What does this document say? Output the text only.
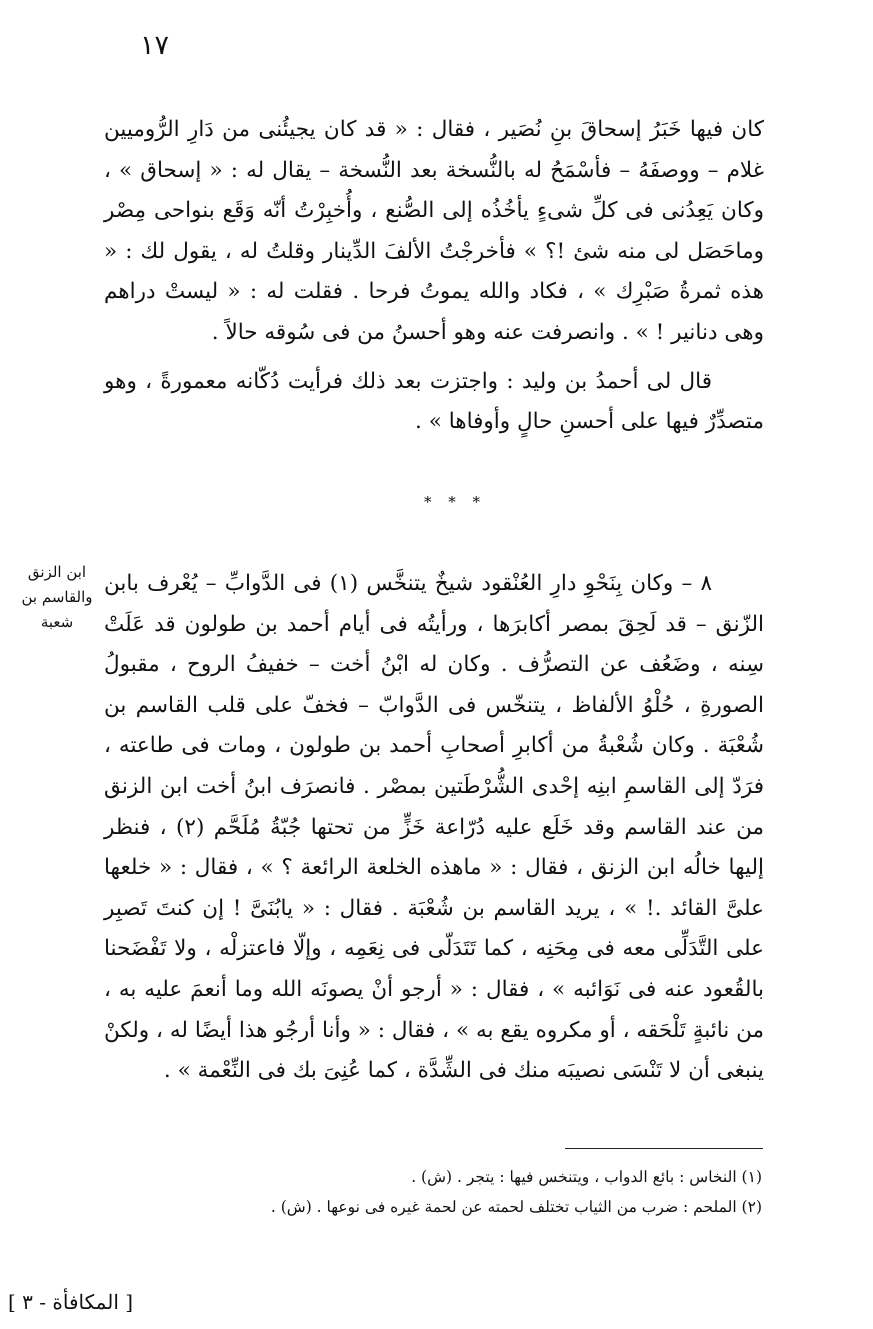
١٧

كان فيها خَبَرُ إسحاقَ بنِ نُصَير ، فقال : « قد كان يجيئُنى من دَارِ الرُّوميين غلام – ووصفَهُ – فأسْمَحُ له بالنُّسخة بعد النُّسخة – يقال له : « إسحاق » ، وكان يَعِدُنى فى كلِّ شىءٍ يأخُذُه إلى الصُّنع ، وأُخبِرْتُ أنّه وَقَع بنواحى مِصْر وماحَصَل لى منه شئ !؟ » فأخرجْتُ الألفَ الدِّينار وقلتُ له ، يقول لك : « هذه ثمرةُ صَبْرِك » ، فكاد والله يموتُ فرحا . فقلت له : « ليستْ دراهم وهى دنانير ! » . وانصرفت عنه وهو أحسنُ من فى سُوقه حالاً .

قال لى أحمدُ بن وليد : واجتزت بعد ذلك فرأيت دُكّانه معمورةً ، وهو متصدِّرٌ فيها على أحسنِ حالٍ وأوفاها » .

* * *
ابن الزنق
والقاسم بن
شعبة

٨ – وكان بِنَحْوِ دارِ العُنْقود شيخٌ يتنخَّس (١) فى الدَّوابِّ – يُعْرف بابن الزّنق – قد لَحِقَ بمصر أكابرَها ، ورأيتُه فى أيام أحمد بن طولون قد عَلَتْ سِنه ، وضَعُف عن التصرُّف . وكان له ابْنُ أخت – خفيفُ الروح ، مقبولُ الصورةِ ، حُلْوُ الألفاظ ، يتنخّس فى الدَّوابّ – فخفّ على قلب القاسم بن شُعْبَة . وكان شُعْبةُ من أكابرِ أصحابِ أحمد بن طولون ، ومات فى طاعته ، فرَدّ إلى القاسمِ ابنِه إحْدى الشُّرْطَتين بمصْر . فانصرَف ابنُ أخت ابن الزنق من عند القاسم وقد خَلَع عليه دُرّاعة خَزٍّ من تحتها جُبّةُ مُلَحَّم (٢) ، فنظر إليها خالُه ابن الزنق ، فقال : « ماهذه الخلعة الرائعة ؟ » ، فقال : « خلعها علىَّ القائد .! » ، يريد القاسم بن شُعْبَة . فقال : « يابُنَىَّ ! إن كنتَ تَصبِر على التَّدَلِّى معه فى مِحَنِه ، كما تَتَدَلّى فى نِعَمِه ، وإلّا فاعتزلْه ، ولا تَفْضَحنا بالقُعود عنه فى نَوَائبه » ، فقال : « أرجو أنْ يصونَه الله وما أنعمَ عليه به ، من نائبةٍ تَلْحَقه ، أو مكروه يقع به » ، فقال : « وأنا أرجُو هذا أيضًا له ، ولكنْ ينبغى أن لا تَنْسَى نصيبَه منك فى الشِّدَّة ، كما عُنِىَ بك فى النِّعْمة » .

(١) النخاس : بائع الدواب ، ويتنخس فيها : يتجر . (ش) .

(٢) الملحم : ضرب من الثياب تختلف لحمته عن لحمة غيره فى نوعها . (ش) .

[ المكافأة - ٣ ]
